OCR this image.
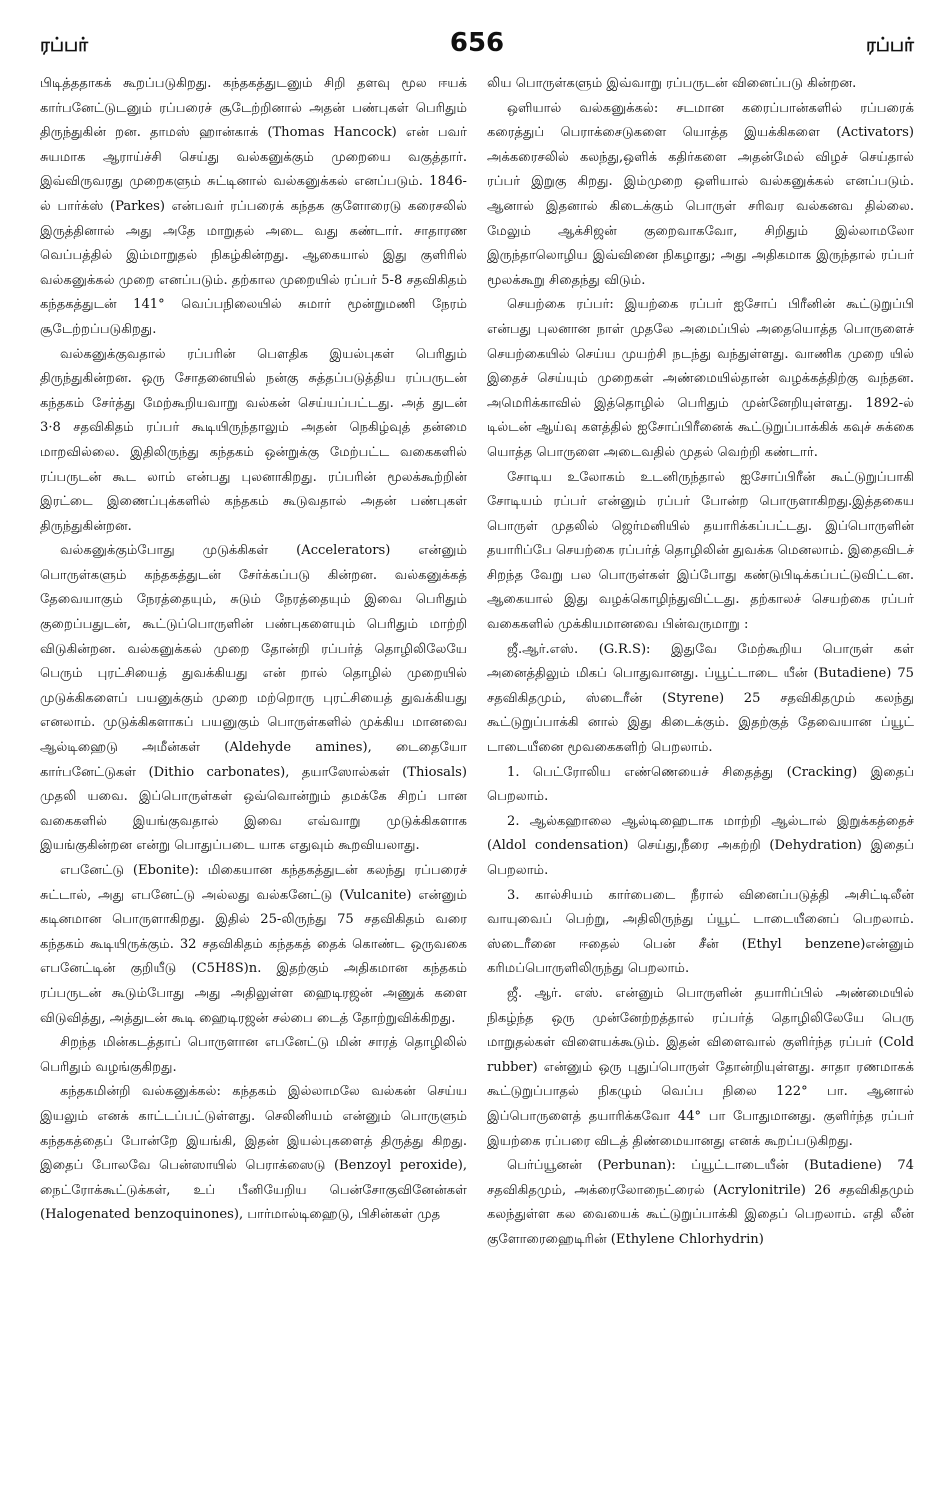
ரப்பர்	656	ரப்பர்

பிடித்ததாகக் கூறப்படுகிறது. கந்தகத்துடனும் சிறி தளவு மூல ஈயக் கார்பனேட்டுடனும் ரப்பரைச் சூடேற்றினால் அதன் பண்புகள் பெரிதும் திருந்துகின் றன. தாமஸ் ஹான்காக் (Thomas Hancock) என் பவர் சுயமாக ஆராய்ச்சி செய்து வல்கனுக்கும் முறையை வகுத்தார். இவ்விருவரது முறைகளும் சுட்டினால் வல்கனுக்கல் எனப்படும். 1846-ல் பார்க்ஸ் (Parkes) என்பவர் ரப்பரைக் கந்தக குளோரைடு கரைசலில் இருத்தினால் அது அதே மாறுதல் அடை வது கண்டார். சாதாரண வெப்பத்தில் இம்மாறுதல் நிகழ்கின்றது. ஆகையால் இது குளிரில் வல்கனுக்கல் முறை எனப்படும். தற்கால முறையில் ரப்பர் 5-8 சதவிகிதம் கந்தகத்துடன் 141° வெப்பநிலையில் சுமார் மூன்றுமணி நேரம் சூடேற்றப்படுகிறது.

வல்கனுக்குவதால் ரப்பரின் பௌதிக இயல்புகள் பெரிதும் திருந்துகின்றன. ஒரு சோதனையில் நன்கு சுத்தப்படுத்திய ரப்பருடன் கந்தகம் சேர்த்து மேற்கூறியவாறு வல்கன் செய்யப்பட்டது. அத் துடன் 3·8 சதவிகிதம் ரப்பர் கூடியிருந்தாலும் அதன் நெகிழ்வுத் தன்மை மாறவில்லை. இதிலிருந்து கந்தகம் ஒன்றுக்கு மேற்பட்ட வகைகளில் ரப்பருடன் கூட லாம் என்பது புலனாகிறது. ரப்பரின் மூலக்கூற்றின் இரட்டை இணைப்புக்களில் கந்தகம் கூடுவதால் அதன் பண்புகள் திருந்துகின்றன.

வல்கனுக்கும்போது முடுக்கிகள் (Accelerators) என்னும் பொருள்களும் கந்தகத்துடன் சேர்க்கப்படு கின்றன. வல்கனுக்கத் தேவையாகும் நேரத்தையும், சுடும் நேரத்தையும் இவை பெரிதும் குறைப்பதுடன், கூட்டுப்பொருளின் பண்புகளையும் பெரிதும் மாற்றி விடுகின்றன. வல்கனுக்கல் முறை தோன்றி ரப்பர்த் தொழிலிலேயே பெரும் புரட்சியைத் துவக்கியது என் றால் தொழில் முறையில் முடுக்கிகளைப் பயனுக்கும் முறை மற்றொரு புரட்சியைத் துவக்கியது எனலாம். முடுக்கிகளாகப் பயனுகும் பொருள்களில் முக்கிய மானவை ஆல்டிஹைடு அமீன்கள் (Aldehyde amines), டைதையோ கார்பனேட்டுகள் (Dithio carbonates), தயாஸோல்கள் (Thiosals) முதலி யவை. இப்பொருள்கள் ஒவ்வொன்றும் தமக்கே சிறப் பான வகைகளில் இயங்குவதால் இவை எவ்வாறு முடுக்கிகளாக இயங்குகின்றன என்று பொதுப்படை யாக எதுவும் கூறவியலாது.

எபனேட்டு (Ebonite): மிகையான கந்தகத்துடன் கலந்து ரப்பரைச் சுட்டால், அது எபனேட்டு அல்லது வல்கனேட்டு (Vulcanite) என்னும் கடினமான பொருளாகிறது. இதில் 25-லிருந்து 75 சதவிகிதம் வரை கந்தகம் கூடியிருக்கும். 32 சதவிகிதம் கந்தகத் தைக் கொண்ட ஒருவகை எபனேட்டின் குறியீடு (C5H8S)n. இதற்கும் அதிகமான கந்தகம் ரப்பருடன் கூடும்போது அது அதிலுள்ள ஹைடிரஜன் அணுக் களை விடுவித்து, அத்துடன் கூடி ஹைடிரஜன் சல்பை டைத் தோற்றுவிக்கிறது.

சிறந்த மின்கடத்தாப் பொருளான எபனேட்டு மின் சாரத் தொழிலில் பெரிதும் வழங்குகிறது.

கந்தகமின்றி வல்கனுக்கல்: கந்தகம் இல்லாமலே வல்கன் செய்ய இயலும் எனக் காட்டப்பட்டுள்ளது. செலினியம் என்னும் பொருளும் கந்தகத்தைப் போன்றே இயங்கி, இதன் இயல்புகளைத் திருத்து கிறது. இதைப் போலவே பென்ஸாயில் பெராக்ஸைடு (Benzoyl peroxide), நைட்ரோக்கூட்டுக்கள், உப் பீனியேறிய பென்சோகுவினேன்கள் (Halogenated benzoquinones), பார்மால்டிஹைடு, பிசின்கள் முத

லிய பொருள்களும் இவ்வாறு ரப்பருடன் வினைப்படு கின்றன.

ஒளியால் வல்கனுக்கல்: சடமான கரைப்பான்களில் ரப்பரைக் கரைத்துப் பெராக்சைடுகளை யொத்த இயக்கிகளை (Activators) அக்கரைசலில் கலந்து,ஒளிக் கதிர்களை அதன்மேல் விழச் செய்தால் ரப்பர் இறுகு கிறது. இம்முறை ஒளியால் வல்கனுக்கல் எனப்படும். ஆனால் இதனால் கிடைக்கும் பொருள் சரிவர வல்கனவ தில்லை. மேலும் ஆக்சிஜன் குறைவாகவோ, சிறிதும் இல்லாமலோ இருந்தாலொழிய இவ்வினை நிகழாது; அது அதிகமாக இருந்தால் ரப்பர் மூலக்கூறு சிதைந்து விடும்.

செயற்கை ரப்பர்: இயற்கை ரப்பர் ஐசோப் பிரீனின் கூட்டுறுப்பி என்பது புலனான நாள் முதலே அமைப்பில் அதையொத்த பொருளைச் செயற்கையில் செய்ய முயற்சி நடந்து வந்துள்ளது. வாணிக முறை யில் இதைச் செய்யும் முறைகள் அண்மையில்தான் வழக்கத்திற்கு வந்தன. அமெரிக்காவில் இத்தொழில் பெரிதும் முன்னேறியுள்ளது. 1892-ல் டில்டன் ஆய்வு களத்தில் ஐசோப்பிரீனைக் கூட்டுறுப்பாக்கிக் கவுச் சுக்கை யொத்த பொருளை அடைவதில் முதல் வெற்றி கண்டார்.

சோடிய உலோகம் உடனிருந்தால் ஐசோப்பிரீன் கூட்டுறுப்பாகி சோடியம் ரப்பர் என்னும் ரப்பர் போன்ற பொருளாகிறது.இத்தகைய பொருள் முதலில் ஜெர்மனியில் தயாரிக்கப்பட்டது. இப்பொருளின் தயாரிப்பே செயற்கை ரப்பர்த் தொழிலின் துவக்க மெனலாம். இதைவிடச் சிறந்த வேறு பல பொருள்கள் இப்போது கண்டுபிடிக்கப்பட்டுவிட்டன. ஆகையால் இது வழக்கொழிந்துவிட்டது. தற்காலச் செயற்கை ரப்பர் வகைகளில் முக்கியமானவை பின்வருமாறு :

ஜீ.ஆர்.எஸ். (G.R.S): இதுவே மேற்கூறிய பொருள் கள் அனைத்திலும் மிகப் பொதுவானது. ப்யூட்டாடை யீன் (Butadiene) 75 சதவிகிதமும், ஸ்டைரீன் (Styrene) 25 சதவிகிதமும் கலந்து கூட்டுறுப்பாக்கி னால் இது கிடைக்கும். இதற்குத் தேவையான ப்யூட் டாடையீனை மூவகைகளிற் பெறலாம்.

1. பெட்ரோலிய எண்ணெயைச் சிதைத்து (Cracking) இதைப் பெறலாம்.

2. ஆல்கஹாலை ஆல்டிஹைடாக மாற்றி ஆல்டால் இறுக்கத்தைச் (Aldol condensation) செய்து,நீரை அகற்றி (Dehydration) இதைப் பெறலாம்.

3. கால்சியம் கார்பைடை நீரால் வினைப்படுத்தி அசிட்டிலீன் வாயுவைப் பெற்று, அதிலிருந்து ப்யூட் டாடையீனைப் பெறலாம். ஸ்டைரீனை ஈதைல் பென் சீன் (Ethyl benzene)என்னும் கரிமப்பொருளிலிருந்து பெறலாம்.

ஜீ. ஆர். எஸ். என்னும் பொருளின் தயாரிப்பில் அண்மையில் நிகழ்ந்த ஒரு முன்னேற்றத்தால் ரப்பர்த் தொழிலிலேயே பெரு மாறுதல்கள் விளையக்கூடும். இதன் விளைவால் குளிர்ந்த ரப்பர் (Cold rubber) என்னும் ஒரு புதுப்பொருள் தோன்றியுள்ளது. சாதா ரணமாகக் கூட்டுறுப்பாதல் நிகழும் வெப்ப நிலை 122° பா. ஆனால் இப்பொருளைத் தயாரிக்கவோ 44° பா போதுமானது. குளிர்ந்த ரப்பர் இயற்கை ரப்பரை விடத் திண்மையானது எனக் கூறப்படுகிறது.

பெர்ப்யூனன் (Perbunan): ப்யூட்டாடையீன் (Butadiene) 74 சதவிகிதமும், அக்ரைலோநைட்ரைல் (Acrylonitrile) 26 சதவிகிதமும் கலந்துள்ள கல வையைக் கூட்டுறுப்பாக்கி இதைப் பெறலாம். எதி லீன் குளோரைஹைடிரின் (Ethylene Chlorhydrin)
